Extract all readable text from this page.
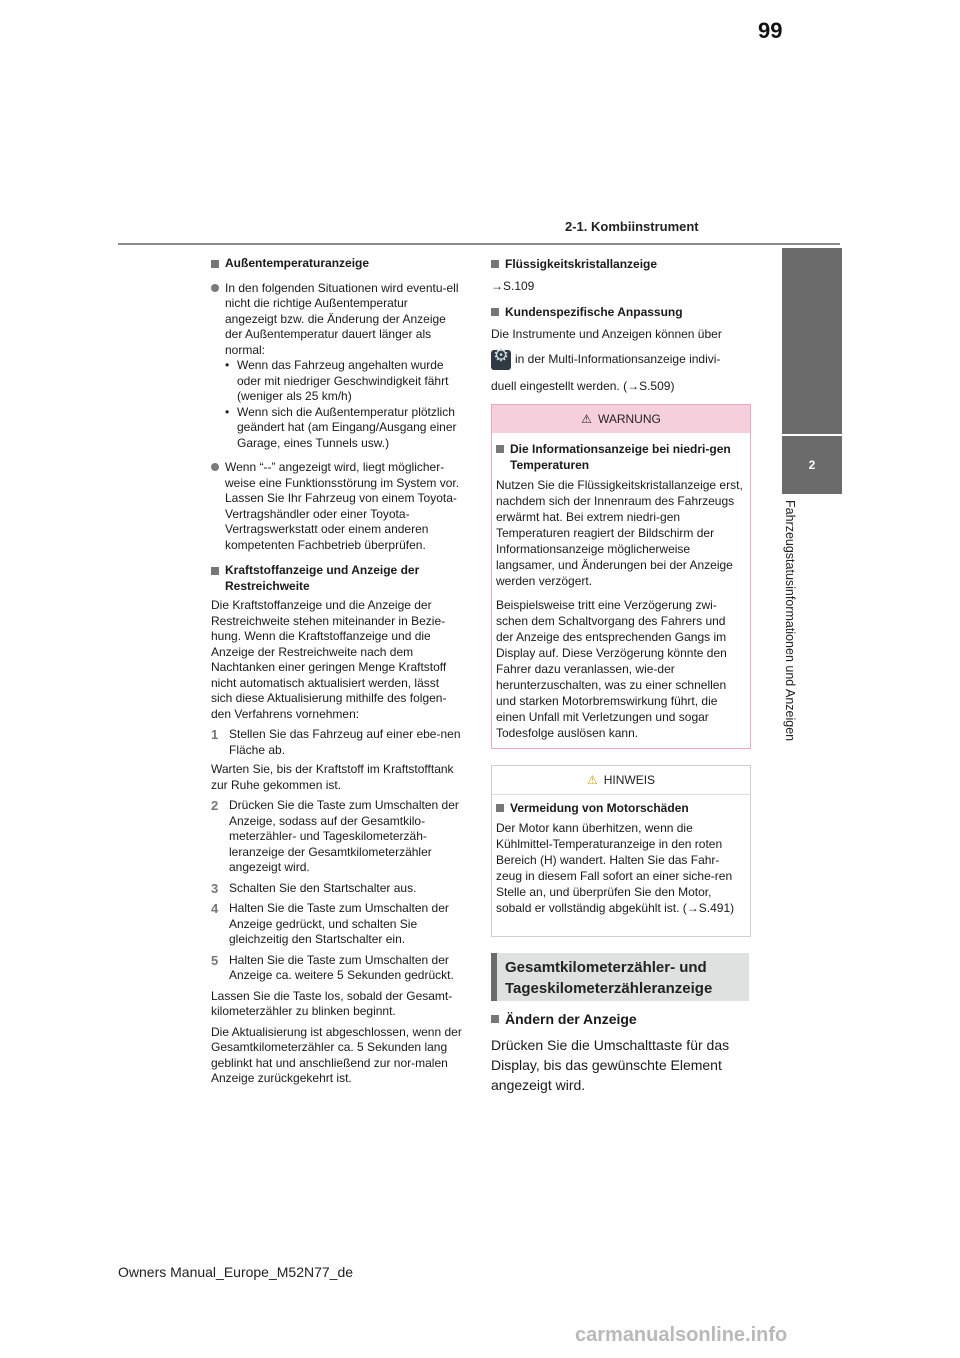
99
2-1. Kombiinstrument
2
Fahrzeugstatusinformationen und Anzeigen

Außentemperaturanzeige

In den folgenden Situationen wird eventu-ell nicht die richtige Außentemperatur angezeigt bzw. die Änderung der Anzeige der Außentemperatur dauert länger als normal:
• Wenn das Fahrzeug angehalten wurde oder mit niedriger Geschwindigkeit fährt (weniger als 25 km/h)
• Wenn sich die Außentemperatur plötzlich geändert hat (am Eingang/Ausgang einer Garage, eines Tunnels usw.)
Wenn “--” angezeigt wird, liegt möglicher-weise eine Funktionsstörung im System vor. Lassen Sie Ihr Fahrzeug von einem Toyota-Vertragshändler oder einer Toyota-Vertragswerkstatt oder einem anderen kompetenten Fachbetrieb überprüfen.

Kraftstoffanzeige und Anzeige der Restreichweite

Die Kraftstoffanzeige und die Anzeige der Restreichweite stehen miteinander in Bezie-hung. Wenn die Kraftstoffanzeige und die Anzeige der Restreichweite nach dem Nachtanken einer geringen Menge Kraftstoff nicht automatisch aktualisiert werden, lässt sich diese Aktualisierung mithilfe des folgen-den Verfahrens vornehmen:

1 Stellen Sie das Fahrzeug auf einer ebe-nen Fläche ab.

Warten Sie, bis der Kraftstoff im Kraftstofftank zur Ruhe gekommen ist.

2 Drücken Sie die Taste zum Umschalten der Anzeige, sodass auf der Gesamtkilo-meterzähler- und Tageskilometerzäh-leranzeige der Gesamtkilometerzähler angezeigt wird.
3 Schalten Sie den Startschalter aus.
4 Halten Sie die Taste zum Umschalten der Anzeige gedrückt, und schalten Sie gleichzeitig den Startschalter ein.
5 Halten Sie die Taste zum Umschalten der Anzeige ca. weitere 5 Sekunden gedrückt.

Lassen Sie die Taste los, sobald der Gesamt-kilometerzähler zu blinken beginnt.

Die Aktualisierung ist abgeschlossen, wenn der Gesamtkilometerzähler ca. 5 Sekunden lang geblinkt hat und anschließend zur nor-malen Anzeige zurückgekehrt ist.

Flüssigkeitskristallanzeige

→S.109

Kundenspezifische Anpassung

Die Instrumente und Anzeigen können über

⚙in der Multi-Informationsanzeige indivi-

duell eingestellt werden. (→S.509)

⚠ WARNUNG

Die Informationsanzeige bei niedri-gen Temperaturen

Nutzen Sie die Flüssigkeitskristallanzeige erst, nachdem sich der Innenraum des Fahrzeugs erwärmt hat. Bei extrem niedri-gen Temperaturen reagiert der Bildschirm der Informationsanzeige möglicherweise langsamer, und Änderungen bei der Anzeige werden verzögert.

Beispielsweise tritt eine Verzögerung zwi-schen dem Schaltvorgang des Fahrers und der Anzeige des entsprechenden Gangs im Display auf. Diese Verzögerung könnte den Fahrer dazu veranlassen, wie-der herunterzuschalten, was zu einer schnellen und starken Motorbremswirkung führt, die einen Unfall mit Verletzungen und sogar Todesfolge auslösen kann.

⚠ HINWEIS

Vermeidung von Motorschäden

Der Motor kann überhitzen, wenn die Kühlmittel-Temperaturanzeige in den roten Bereich (H) wandert. Halten Sie das Fahr-zeug in diesem Fall sofort an einer siche-ren Stelle an, und überprüfen Sie den Motor, sobald er vollständig abgekühlt ist. (→S.491)

Gesamtkilometerzähler- und Tageskilometerzähleranzeige

Ändern der Anzeige

Drücken Sie die Umschalttaste für das Display, bis das gewünschte Element angezeigt wird.

Owners Manual_Europe_M52N77_de
carmanualsonline.info
